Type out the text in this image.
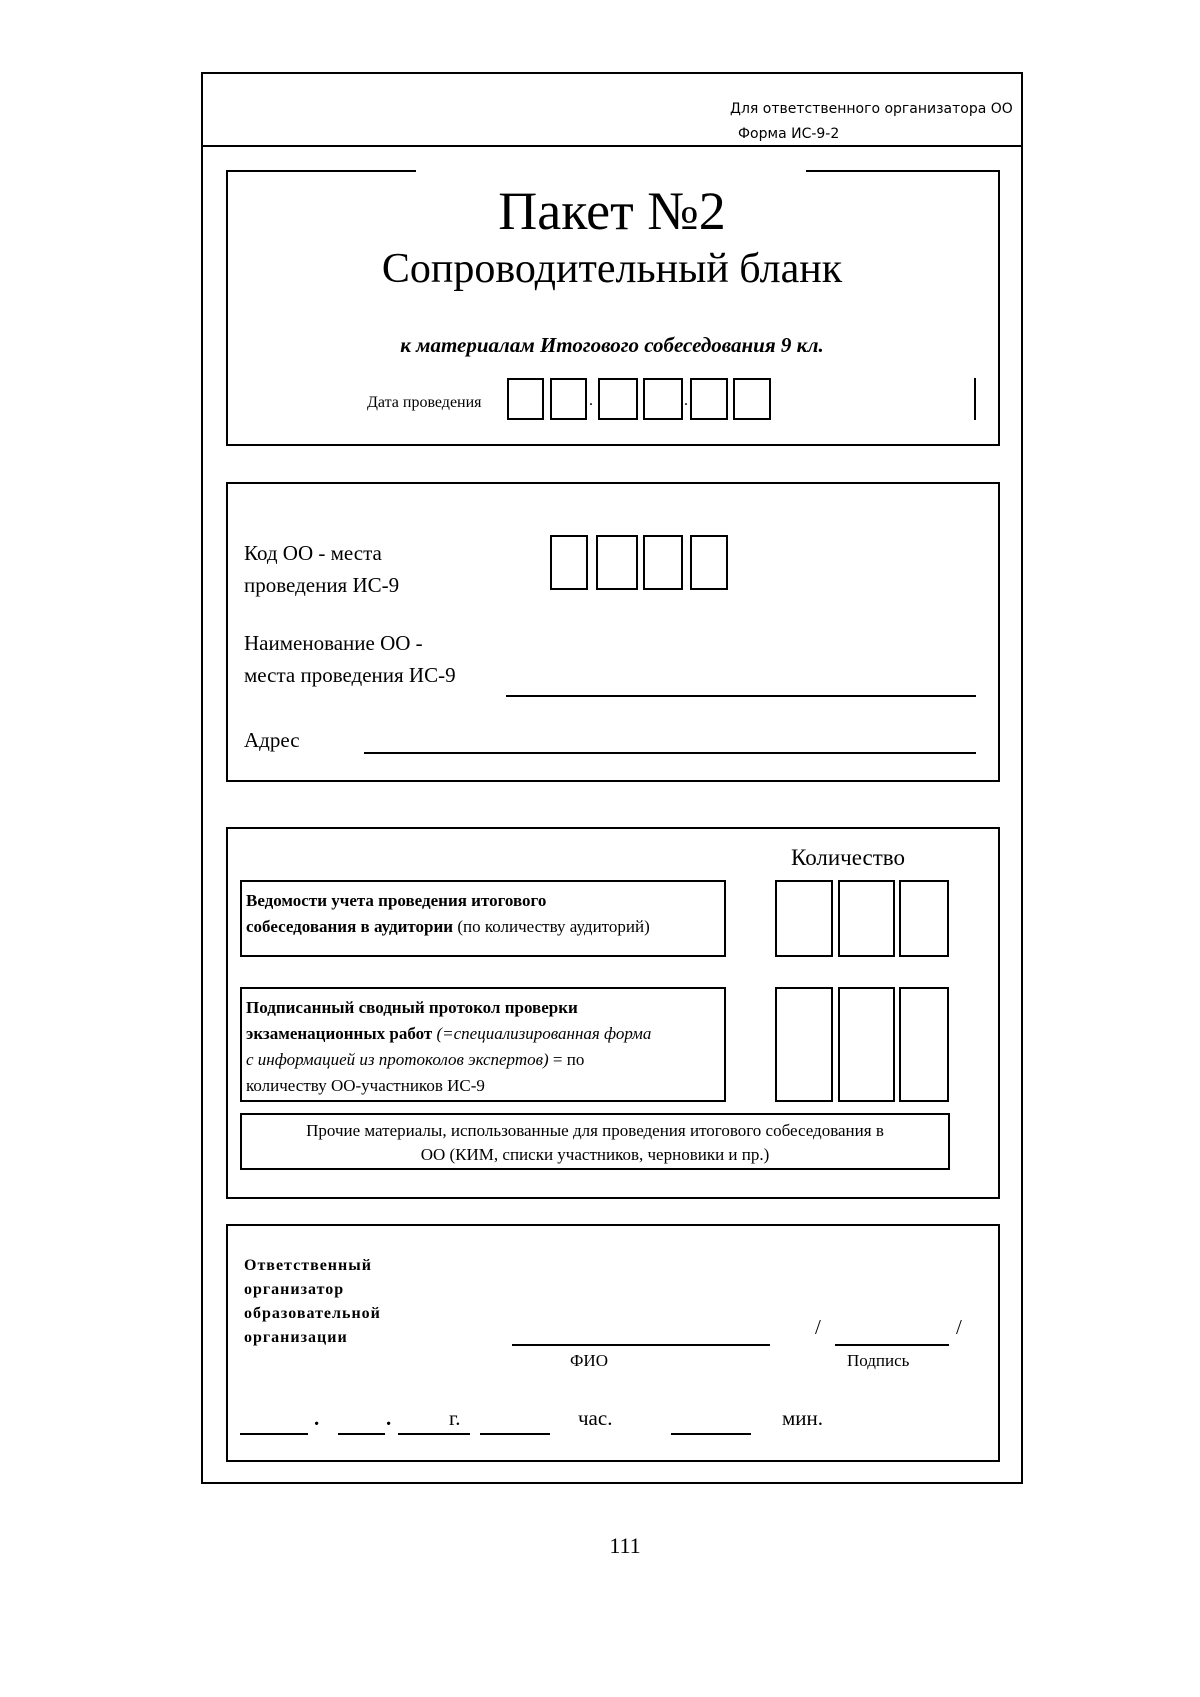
Для ответственного организатора ОО
Форма ИС-9-2
Пакет №2
Сопроводительный бланк
к материалам Итогового собеседования 9 кл.
Дата проведения	.	.
Код ОО - места
проведения ИС-9
Наименование ОО -
места проведения ИС-9
Адрес
Количество
Ведомости учета проведения итогового
собеседования в аудитории (по количеству аудиторий)
Подписанный сводный протокол проверки
экзаменационных работ (=специализированная форма
с информацией из протоколов экспертов) = по
количеству ОО-участников ИС-9
Прочие материалы, использованные для проведения итогового собеседования в
ОО (КИМ, списки участников, черновики и пр.)
Ответственный
организатор
образовательной
организации
ФИО
/	/
Подпись
.	.	г.	час.	мин.
111
